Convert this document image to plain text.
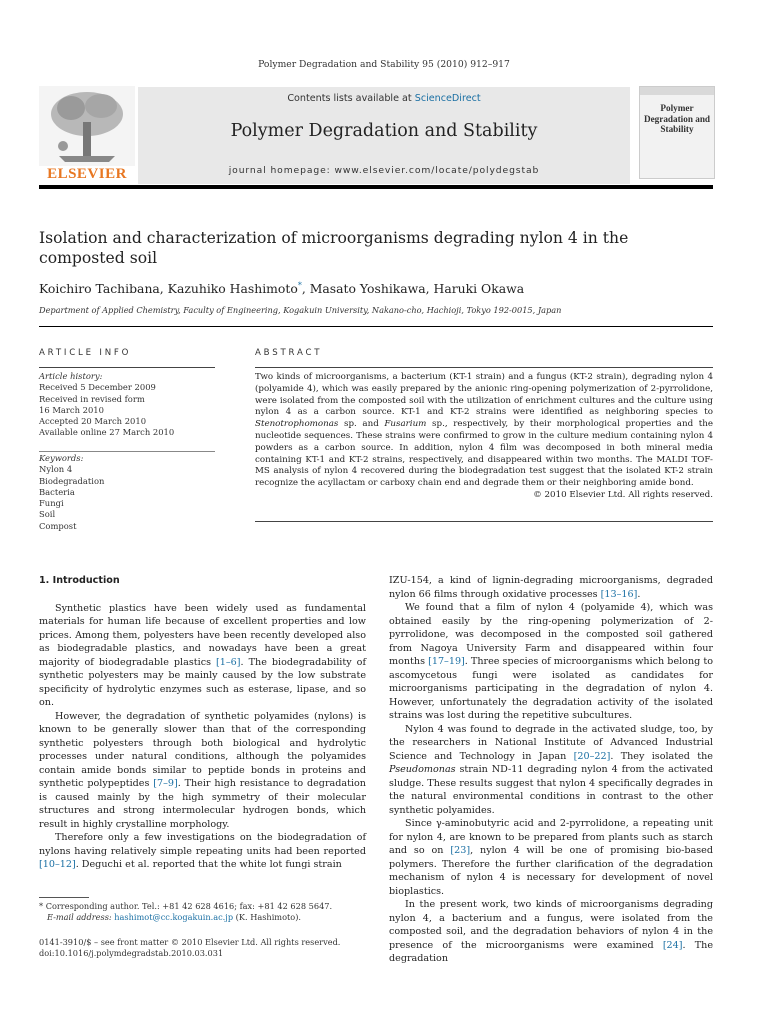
Polymer Degradation and Stability 95 (2010) 912–917
ELSEVIER
Contents lists available at ScienceDirect
Polymer Degradation and Stability
journal homepage: www.elsevier.com/locate/polydegstab
Polymer Degradation and Stability
Isolation and characterization of microorganisms degrading nylon 4 in the composted soil
Koichiro Tachibana, Kazuhiko Hashimoto*, Masato Yoshikawa, Haruki Okawa
Department of Applied Chemistry, Faculty of Engineering, Kogakuin University, Nakano-cho, Hachioji, Tokyo 192-0015, Japan
ARTICLE INFO	ABSTRACT
Article history:
Received 5 December 2009
Received in revised form
16 March 2010
Accepted 20 March 2010
Available online 27 March 2010
Keywords:
Nylon 4
Biodegradation
Bacteria
Fungi
Soil
Compost
Two kinds of microorganisms, a bacterium (KT-1 strain) and a fungus (KT-2 strain), degrading nylon 4 (polyamide 4), which was easily prepared by the anionic ring-opening polymerization of 2-pyrrolidone, were isolated from the composted soil with the utilization of enrichment cultures and the culture using nylon 4 as a carbon source. KT-1 and KT-2 strains were identified as neighboring species to Stenotrophomonas sp. and Fusarium sp., respectively, by their morphological properties and the nucleotide sequences. These strains were confirmed to grow in the culture medium containing nylon 4 powders as a carbon source. In addition, nylon 4 film was decomposed in both mineral media containing KT-1 and KT-2 strains, respectively, and disappeared within two months. The MALDI TOF-MS analysis of nylon 4 recovered during the biodegradation test suggest that the isolated KT-2 strain recognize the acyllactam or carboxy chain end and degrade them or their neighboring amide bond.
© 2010 Elsevier Ltd. All rights reserved.
1. Introduction

Synthetic plastics have been widely used as fundamental materials for human life because of excellent properties and low prices. Among them, polyesters have been recently developed also as biodegradable plastics, and nowadays have been a great majority of biodegradable plastics [1–6]. The biodegradability of synthetic polyesters may be mainly caused by the low substrate specificity of hydrolytic enzymes such as esterase, lipase, and so on.

However, the degradation of synthetic polyamides (nylons) is known to be generally slower than that of the corresponding synthetic polyesters through both biological and hydrolytic processes under natural conditions, although the polyamides contain amide bonds similar to peptide bonds in proteins and synthetic polypeptides [7–9]. Their high resistance to degradation is caused mainly by the high symmetry of their molecular structures and strong intermolecular hydrogen bonds, which result in highly crystalline morphology.

Therefore only a few investigations on the biodegradation of nylons having relatively simple repeating units had been reported [10–12]. Deguchi et al. reported that the white lot fungi strain

IZU-154, a kind of lignin-degrading microorganisms, degraded nylon 66 films through oxidative processes [13–16].

We found that a film of nylon 4 (polyamide 4), which was obtained easily by the ring-opening polymerization of 2-pyrrolidone, was decomposed in the composted soil gathered from Nagoya University Farm and disappeared within four months [17–19]. Three species of microorganisms which belong to ascomycetous fungi were isolated as candidates for microorganisms participating in the degradation of nylon 4. However, unfortunately the degradation activity of the isolated strains was lost during the repetitive subcultures.

Nylon 4 was found to degrade in the activated sludge, too, by the researchers in National Institute of Advanced Industrial Science and Technology in Japan [20–22]. They isolated the Pseudomonas strain ND-11 degrading nylon 4 from the activated sludge. These results suggest that nylon 4 specifically degrades in the natural environmental conditions in contrast to the other synthetic polyamides.

Since γ-aminobutyric acid and 2-pyrrolidone, a repeating unit for nylon 4, are known to be prepared from plants such as starch and so on [23], nylon 4 will be one of promising bio-based polymers. Therefore the further clarification of the degradation mechanism of nylon 4 is necessary for development of novel bioplastics.

In the present work, two kinds of microorganisms degrading nylon 4, a bacterium and a fungus, were isolated from the composted soil, and the degradation behaviors of nylon 4 in the presence of the microorganisms were examined [24]. The degradation

* Corresponding author. Tel.: +81 42 628 4616; fax: +81 42 628 5647.
E-mail address: hashimot@cc.kogakuin.ac.jp (K. Hashimoto).
0141-3910/$ – see front matter © 2010 Elsevier Ltd. All rights reserved.
doi:10.1016/j.polymdegradstab.2010.03.031
